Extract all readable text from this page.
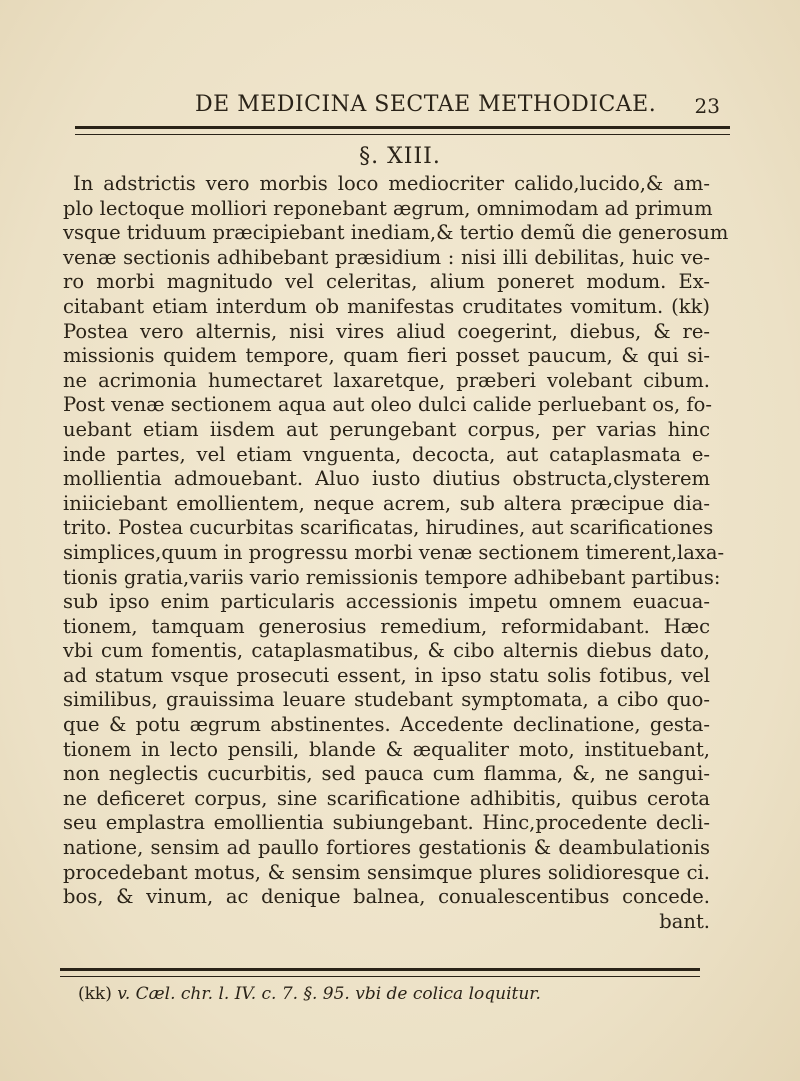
DE MEDICINA SECTAE METHODICAE. 23
§. XIII.
In adstrictis vero morbis loco mediocriter calido,lucido,& am-
plo lectoque molliori reponebant ægrum, omnimodam ad primum
vsque triduum præcipiebant inediam,& tertio demũ die generosum
venæ sectionis adhibebant præsidium : nisi illi debilitas, huic ve-
ro morbi magnitudo vel celeritas, alium poneret modum. Ex-
citabant etiam interdum ob manifestas cruditates vomitum. (kk)
Postea vero alternis, nisi vires aliud coegerint, diebus, & re-
missionis quidem tempore, quam fieri posset paucum, & qui si-
ne acrimonia humectaret laxaretque, præberi volebant cibum.
Post venæ sectionem aqua aut oleo dulci calide perluebant os, fo-
uebant etiam iisdem aut perungebant corpus, per varias hinc
inde partes, vel etiam vnguenta, decocta, aut cataplasmata e-
mollientia admouebant. Aluo iusto diutius obstructa,clysterem
iniiciebant emollientem, neque acrem, sub altera præcipue dia-
trito. Postea cucurbitas scarificatas, hirudines, aut scarificationes
simplices,quum in progressu morbi venæ sectionem timerent,laxa-
tionis gratia,variis vario remissionis tempore adhibebant partibus:
sub ipso enim particularis accessionis impetu omnem euacua-
tionem, tamquam generosius remedium, reformidabant. Hæc
vbi cum fomentis, cataplasmatibus, & cibo alternis diebus dato,
ad statum vsque prosecuti essent, in ipso statu solis fotibus, vel
similibus, grauissima leuare studebant symptomata, a cibo quo-
que & potu ægrum abstinentes. Accedente declinatione, gesta-
tionem in lecto pensili, blande & æqualiter moto, instituebant,
non neglectis cucurbitis, sed pauca cum flamma, &, ne sangui-
ne deficeret corpus, sine scarificatione adhibitis, quibus cerota
seu emplastra emollientia subiungebant. Hinc,procedente decli-
natione, sensim ad paullo fortiores gestationis & deambulationis
procedebant motus, & sensim sensimque plures solidioresque ci.
bos, & vinum, ac denique balnea, conualescentibus concede.
bant.
(kk) v. Cæl. chr. l. IV. c. 7. §. 95. vbi de colica loquitur.
